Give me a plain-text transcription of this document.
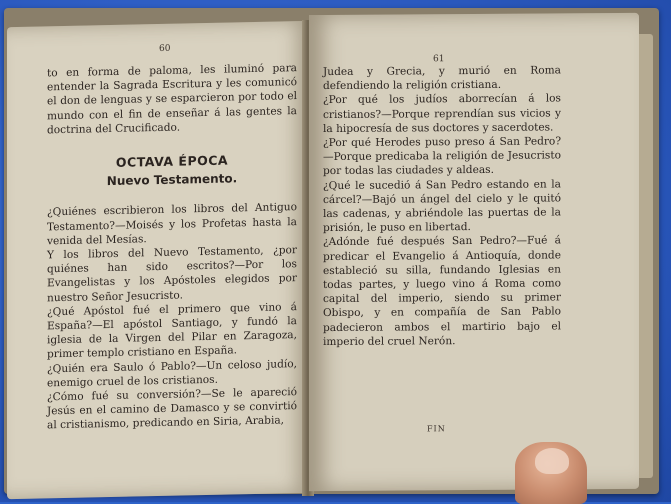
60

to en forma de paloma, les iluminó para entender la Sagrada Escritura y les comunicó el don de lenguas y se esparcieron por todo el mundo con el fin de enseñar á las gentes la doctrina del Crucificado.

OCTAVA ÉPOCA
Nuevo Testamento.

¿Quiénes escribieron los libros del Antiguo Testamento?—Moisés y los Profetas hasta la venida del Mesías.

Y los libros del Nuevo Testamento, ¿por quiénes han sido escritos?—Por los Evangelistas y los Apóstoles elegidos por nuestro Señor Jesucristo.

¿Qué Apóstol fué el primero que vino á España?—El apóstol Santiago, y fundó la iglesia de la Virgen del Pilar en Zaragoza, primer templo cristiano en España.

¿Quién era Saulo ó Pablo?—Un celoso judío, enemigo cruel de los cristianos.

¿Cómo fué su conversión?—Se le apareció Jesús en el camino de Damasco y se convirtió al cristianismo, predicando en Siria, Arabia,

61

Judea y Grecia, y murió en Roma defendiendo la religión cristiana.

¿Por qué los judíos aborrecían á los cristianos?—Porque reprendían sus vicios y la hipocresía de sus doctores y sacerdotes.

¿Por qué Herodes puso preso á San Pedro?—Porque predicaba la religión de Jesucristo por todas las ciudades y aldeas.

¿Qué le sucedió á San Pedro estando en la cárcel?—Bajó un ángel del cielo y le quitó las cadenas, y abriéndole las puertas de la prisión, le puso en libertad.

¿Adónde fué después San Pedro?—Fué á predicar el Evangelio á Antioquía, donde estableció su silla, fundando Iglesias en todas partes, y luego vino á Roma como capital del imperio, siendo su primer Obispo, y en compañía de San Pablo padecieron ambos el martirio bajo el imperio del cruel Nerón.

FIN
